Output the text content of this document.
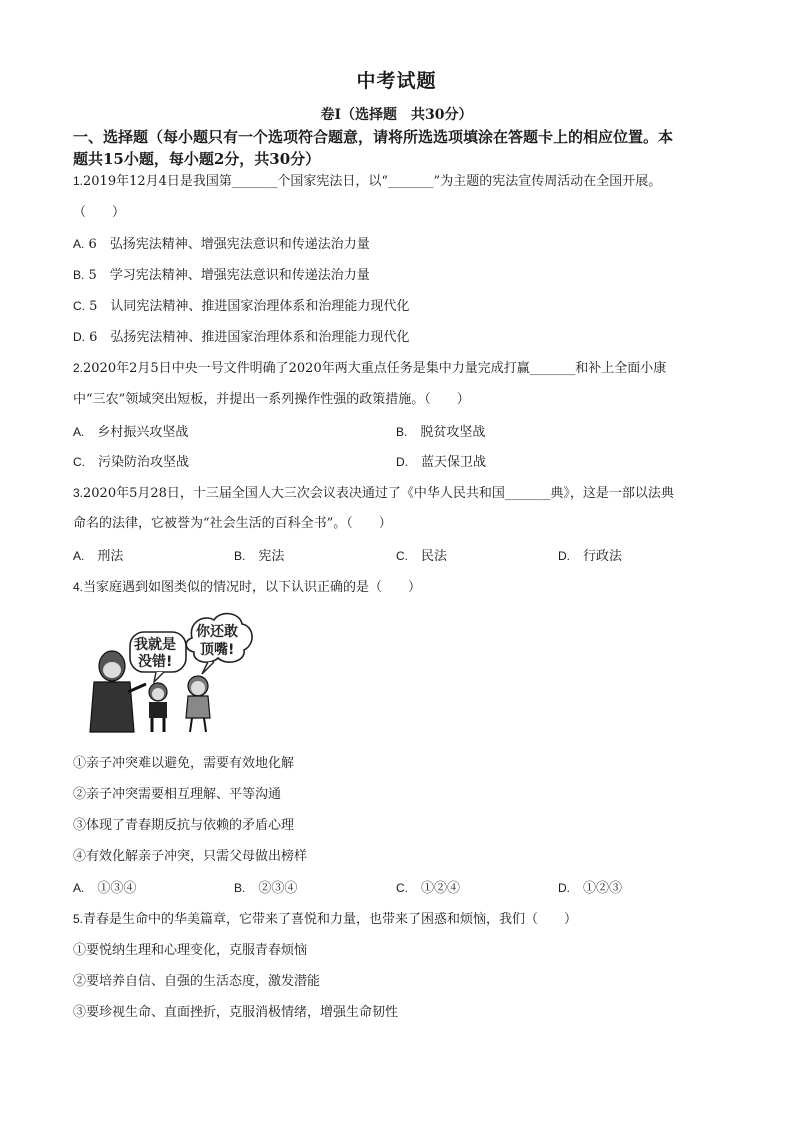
中考试题
卷Ⅰ（选择题　共30分）
一、选择题（每小题只有一个选项符合题意，请将所选选项填涂在答题卡上的相应位置。本
题共15小题，每小题2分，共30分）
1.2019年12月4日是我国第_______个国家宪法日，以“_______”为主题的宪法宣传周活动在全国开展。
（　　）
A. 6　弘扬宪法精神、增强宪法意识和传递法治力量
B. 5　学习宪法精神、增强宪法意识和传递法治力量
C. 5　认同宪法精神、推进国家治理体系和治理能力现代化
D. 6　弘扬宪法精神、推进国家治理体系和治理能力现代化
2.2020年2月5日中央一号文件明确了2020年两大重点任务是集中力量完成打赢_______和补上全面小康
中“三农”领域突出短板，并提出一系列操作性强的政策措施。（　　）
A.　 乡村振兴攻坚战	B.　 脱贫攻坚战
C.　 污染防治攻坚战	D.　 蓝天保卫战
3.2020年5月28日，十三届全国人大三次会议表决通过了《中华人民共和国_______典》，这是一部以法典
命名的法律，它被誉为“社会生活的百科全书”。（　　）
A.　 刑法	B.　 宪法	C.　 民法	D.　 行政法
4.当家庭遇到如图类似的情况时，以下认识正确的是（　　）
你还敢
顶嘴!
我就是
没错!
①亲子冲突难以避免，需要有效地化解
②亲子冲突需要相互理解、平等沟通
③体现了青春期反抗与依赖的矛盾心理
④有效化解亲子冲突，只需父母做出榜样
A.　 ①③④	B.　 ②③④	C.　 ①②④	D.　 ①②③
5.青春是生命中的华美篇章，它带来了喜悦和力量，也带来了困惑和烦恼，我们（　　）
①要悦纳生理和心理变化，克服青春烦恼
②要培养自信、自强的生活态度，激发潜能
③要珍视生命、直面挫折，克服消极情绪，增强生命韧性
